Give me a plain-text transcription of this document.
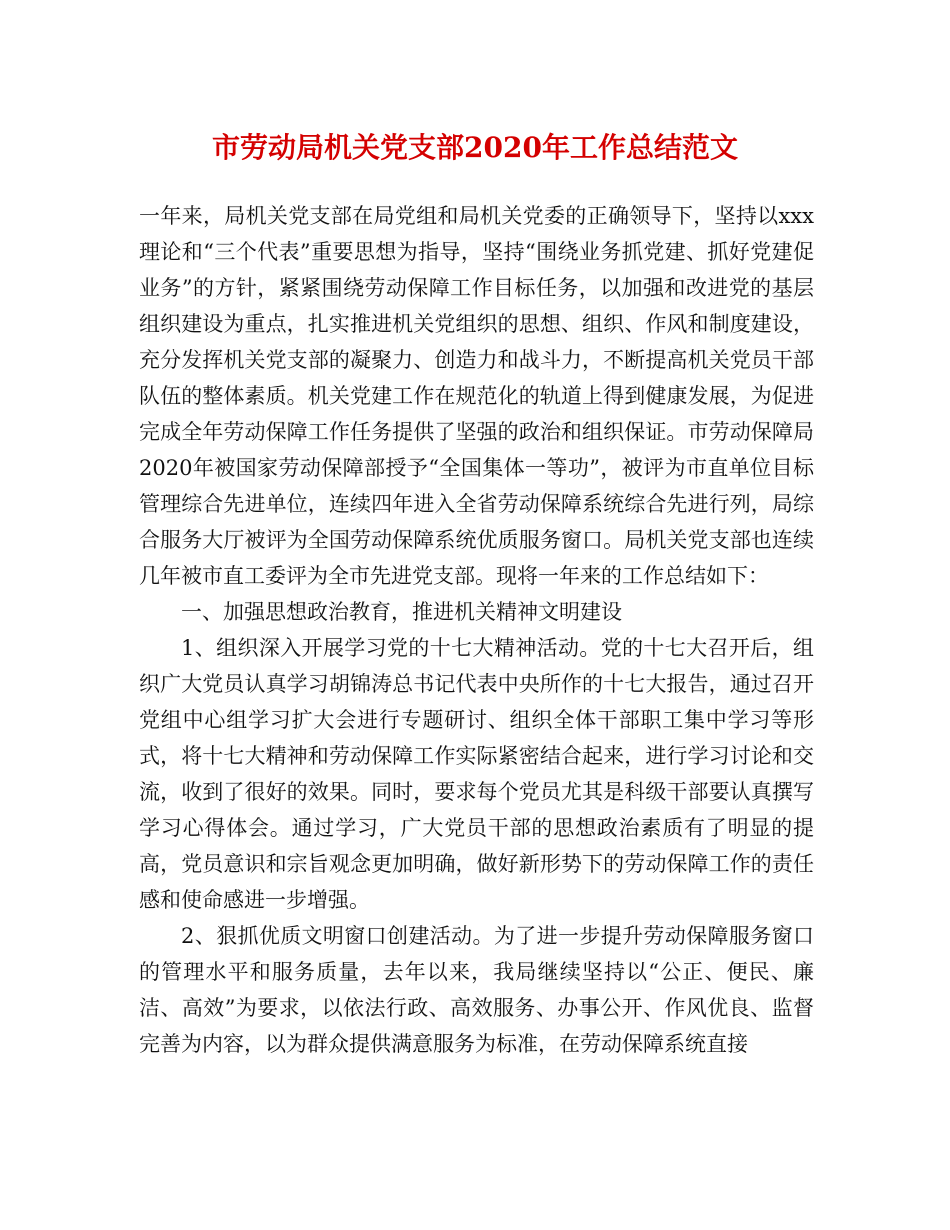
市劳动局机关党支部2020年工作总结范文

一年来，局机关党支部在局党组和局机关党委的正确领导下，坚持以xxx理论和“三个代表”重要思想为指导，坚持“围绕业务抓党建、抓好党建促业务”的方针，紧紧围绕劳动保障工作目标任务，以加强和改进党的基层组织建设为重点，扎实推进机关党组织的思想、组织、作风和制度建设，充分发挥机关党支部的凝聚力、创造力和战斗力，不断提高机关党员干部队伍的整体素质。机关党建工作在规范化的轨道上得到健康发展，为促进完成全年劳动保障工作任务提供了坚强的政治和组织保证。市劳动保障局2020年被国家劳动保障部授予“全国集体一等功”，被评为市直单位目标管理综合先进单位，连续四年进入全省劳动保障系统综合先进行列，局综合服务大厅被评为全国劳动保障系统优质服务窗口。局机关党支部也连续几年被市直工委评为全市先进党支部。现将一年来的工作总结如下：

一、加强思想政治教育，推进机关精神文明建设

1、组织深入开展学习党的十七大精神活动。党的十七大召开后，组织广大党员认真学习胡锦涛总书记代表中央所作的十七大报告，通过召开党组中心组学习扩大会进行专题研讨、组织全体干部职工集中学习等形式，将十七大精神和劳动保障工作实际紧密结合起来，进行学习讨论和交流，收到了很好的效果。同时，要求每个党员尤其是科级干部要认真撰写学习心得体会。通过学习，广大党员干部的思想政治素质有了明显的提高，党员意识和宗旨观念更加明确，做好新形势下的劳动保障工作的责任感和使命感进一步增强。

2、狠抓优质文明窗口创建活动。为了进一步提升劳动保障服务窗口的管理水平和服务质量，去年以来，我局继续坚持以“公正、便民、廉洁、高效”为要求，以依法行政、高效服务、办事公开、作风优良、监督完善为内容，以为群众提供满意服务为标准，在劳动保障系统直接
